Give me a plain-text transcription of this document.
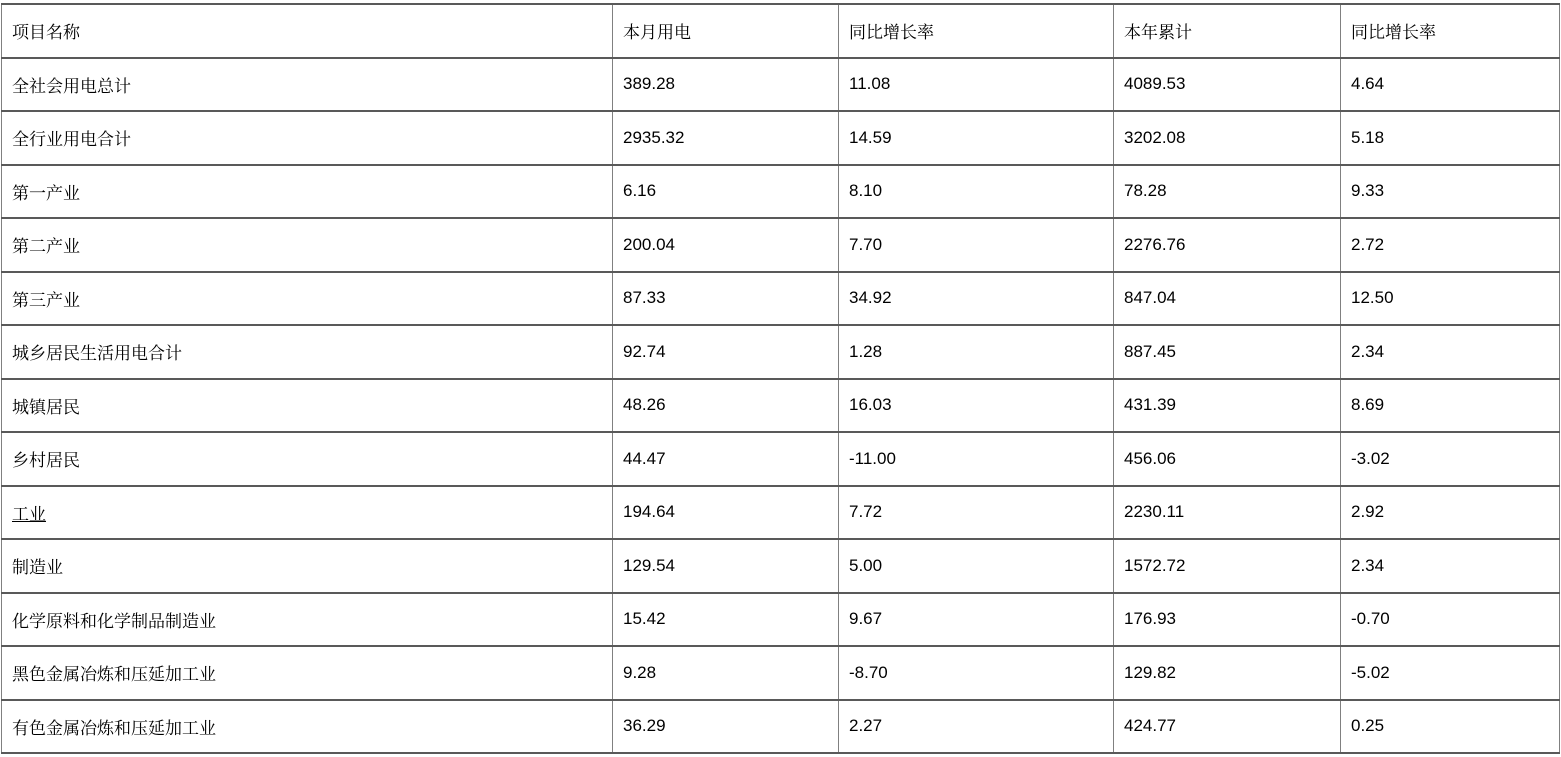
项目名称	本月用电	同比增长率	本年累计	同比增长率
全社会用电总计	389.28	11.08	4089.53	4.64
全行业用电合计	2935.32	14.59	3202.08	5.18
第一产业	6.16	8.10	78.28	9.33
第二产业	200.04	7.70	2276.76	2.72
第三产业	87.33	34.92	847.04	12.50
城乡居民生活用电合计	92.74	1.28	887.45	2.34
城镇居民	48.26	16.03	431.39	8.69
乡村居民	44.47	-11.00	456.06	-3.02
工业	194.64	7.72	2230.11	2.92
制造业	129.54	5.00	1572.72	2.34
化学原料和化学制品制造业	15.42	9.67	176.93	-0.70
黑色金属冶炼和压延加工业	9.28	-8.70	129.82	-5.02
有色金属冶炼和压延加工业	36.29	2.27	424.77	0.25
